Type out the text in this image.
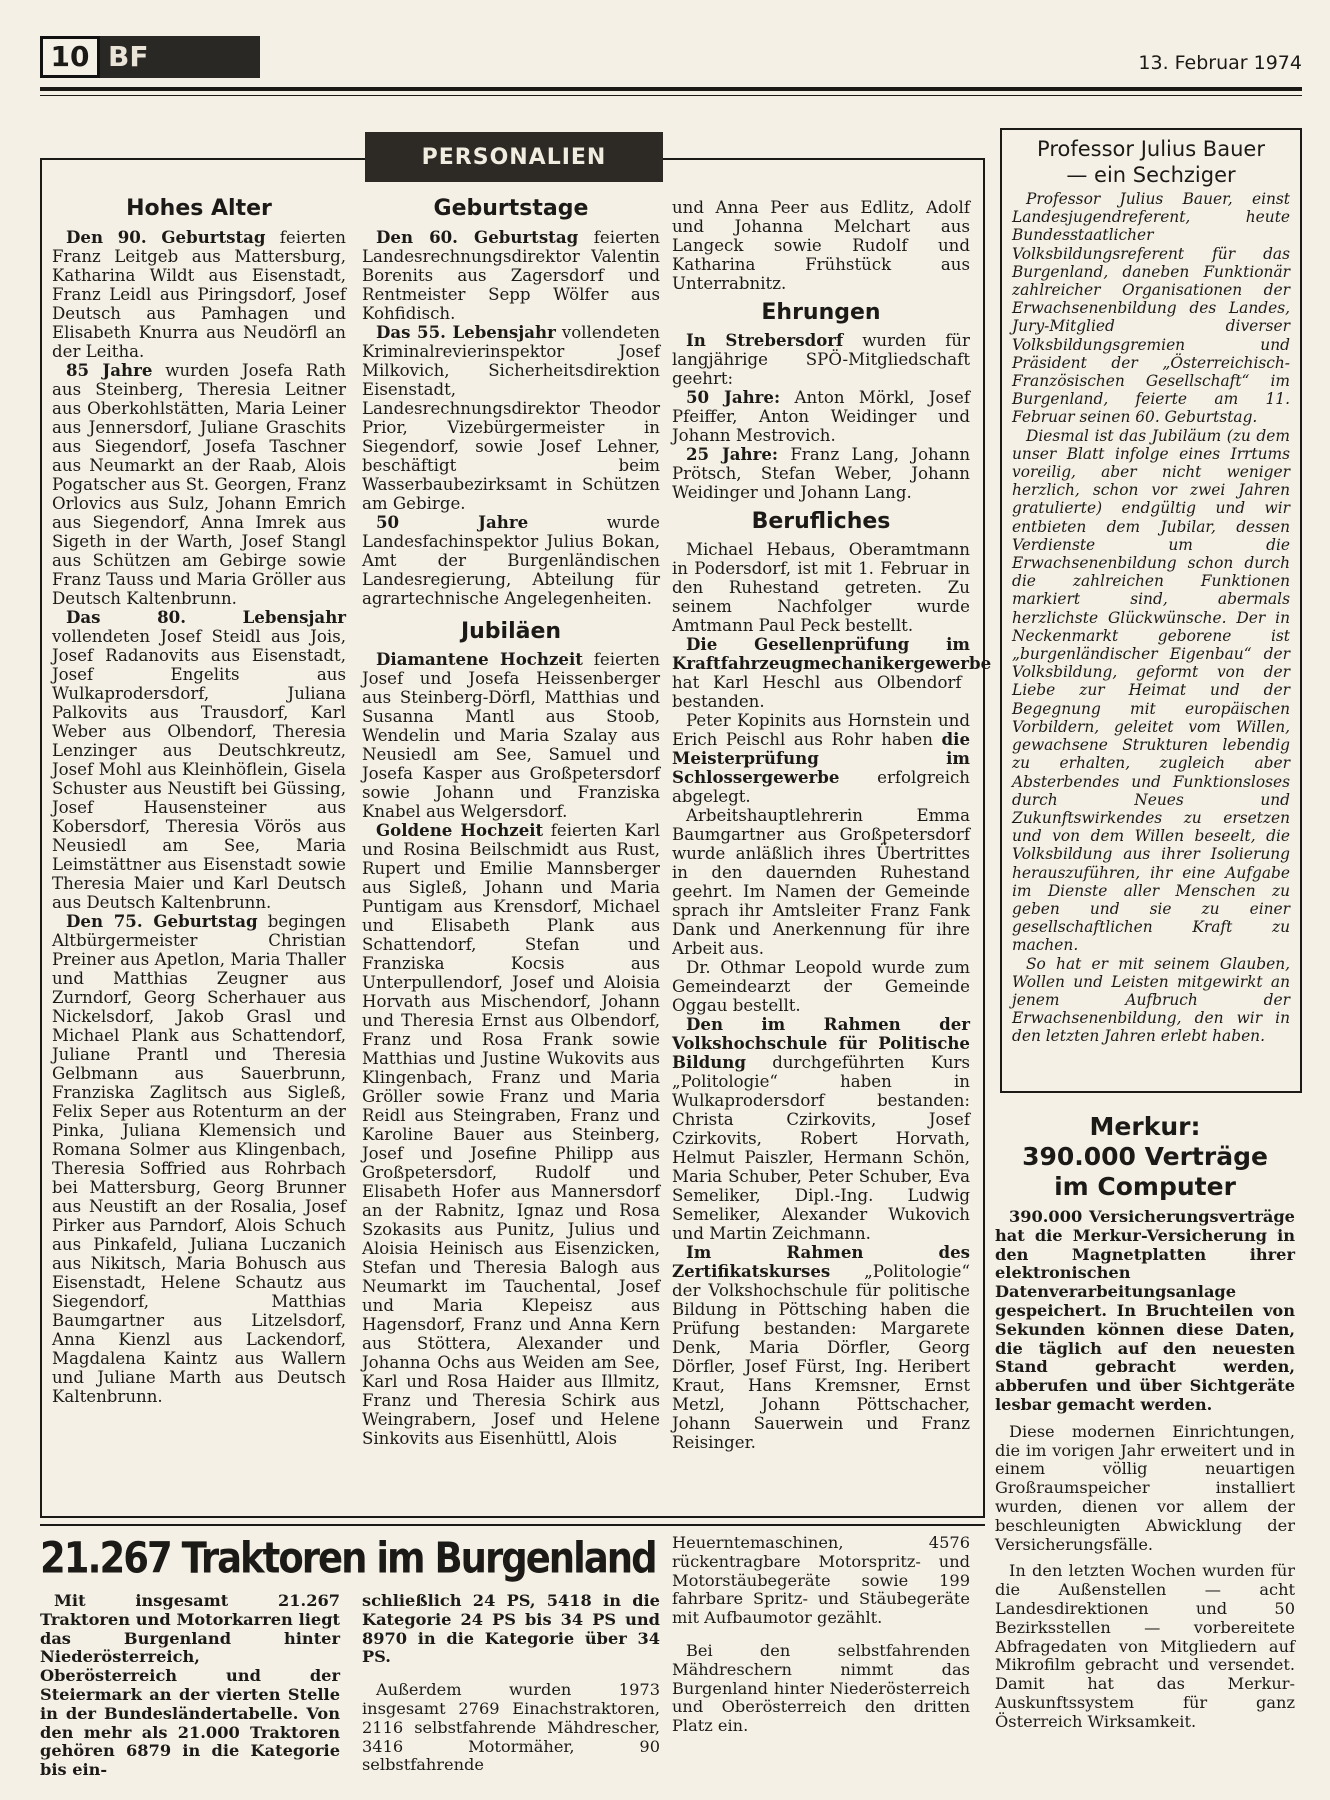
10 BF	13. Februar 1974
PERSONALIEN
Hohes Alter

Den 90. Geburtstag feierten Franz Leitgeb aus Mattersburg, Katharina Wildt aus Eisenstadt, Franz Leidl aus Piringsdorf, Josef Deutsch aus Pamhagen und Elisabeth Knurra aus Neudörfl an der Leitha.

85 Jahre wurden Josefa Rath aus Steinberg, Theresia Leitner aus Oberkohlstätten, Maria Leiner aus Jennersdorf, Juliane Graschits aus Siegendorf, Josefa Taschner aus Neumarkt an der Raab, Alois Pogatscher aus St. Georgen, Franz Orlovics aus Sulz, Johann Emrich aus Siegendorf, Anna Imrek aus Sigeth in der Warth, Josef Stangl aus Schützen am Gebirge sowie Franz Tauss und Maria Gröller aus Deutsch Kaltenbrunn.

Das 80. Lebensjahr vollendeten Josef Steidl aus Jois, Josef Radanovits aus Eisenstadt, Josef Engelits aus Wulkaprodersdorf, Juliana Palkovits aus Trausdorf, Karl Weber aus Olbendorf, Theresia Lenzinger aus Deutschkreutz, Josef Mohl aus Kleinhöflein, Gisela Schuster aus Neustift bei Güssing, Josef Hausensteiner aus Kobersdorf, Theresia Vörös aus Neusiedl am See, Maria Leimstättner aus Eisenstadt sowie Theresia Maier und Karl Deutsch aus Deutsch Kaltenbrunn.

Den 75. Geburtstag begingen Altbürgermeister Christian Preiner aus Apetlon, Maria Thaller und Matthias Zeugner aus Zurndorf, Georg Scherhauer aus Nickelsdorf, Jakob Grasl und Michael Plank aus Schattendorf, Juliane Prantl und Theresia Gelbmann aus Sauerbrunn, Franziska Zaglitsch aus Sigleß, Felix Seper aus Rotenturm an der Pinka, Juliana Klemensich und Romana Solmer aus Klingenbach, Theresia Soffried aus Rohrbach bei Mattersburg, Georg Brunner aus Neustift an der Rosalia, Josef Pirker aus Parndorf, Alois Schuch aus Pinkafeld, Juliana Luczanich aus Nikitsch, Maria Bohusch aus Eisenstadt, Helene Schautz aus Siegendorf, Matthias Baumgartner aus Litzelsdorf, Anna Kienzl aus Lackendorf, Magdalena Kaintz aus Wallern und Juliane Marth aus Deutsch Kaltenbrunn.

Geburtstage

Den 60. Geburtstag feierten Landesrechnungsdirektor Valentin Borenits aus Zagersdorf und Rentmeister Sepp Wölfer aus Kohfidisch.

Das 55. Lebensjahr vollendeten Kriminalrevierinspektor Josef Milkovich, Sicherheitsdirektion Eisenstadt, Landesrechnungsdirektor Theodor Prior, Vizebürgermeister in Siegendorf, sowie Josef Lehner, beschäftigt beim Wasserbaubezirksamt in Schützen am Gebirge.

50 Jahre wurde Landesfachinspektor Julius Bokan, Amt der Burgenländischen Landesregierung, Abteilung für agrartechnische Angelegenheiten.

Jubiläen

Diamantene Hochzeit feierten Josef und Josefa Heissenberger aus Steinberg-Dörfl, Matthias und Susanna Mantl aus Stoob, Wendelin und Maria Szalay aus Neusiedl am See, Samuel und Josefa Kasper aus Großpetersdorf sowie Johann und Franziska Knabel aus Welgersdorf.

Goldene Hochzeit feierten Karl und Rosina Beilschmidt aus Rust, Rupert und Emilie Mannsberger aus Sigleß, Johann und Maria Puntigam aus Krensdorf, Michael und Elisabeth Plank aus Schattendorf, Stefan und Franziska Kocsis aus Unterpullendorf, Josef und Aloisia Horvath aus Mischendorf, Johann und Theresia Ernst aus Olbendorf, Franz und Rosa Frank sowie Matthias und Justine Wukovits aus Klingenbach, Franz und Maria Gröller sowie Franz und Maria Reidl aus Steingraben, Franz und Karoline Bauer aus Steinberg, Josef und Josefine Philipp aus Großpetersdorf, Rudolf und Elisabeth Hofer aus Mannersdorf an der Rabnitz, Ignaz und Rosa Szokasits aus Punitz, Julius und Aloisia Heinisch aus Eisenzicken, Stefan und Theresia Balogh aus Neumarkt im Tauchental, Josef und Maria Klepeisz aus Hagensdorf, Franz und Anna Kern aus Stöttera, Alexander und Johanna Ochs aus Weiden am See, Karl und Rosa Haider aus Illmitz, Franz und Theresia Schirk aus Weingrabern, Josef und Helene Sinkovits aus Eisenhüttl, Alois

und Anna Peer aus Edlitz, Adolf und Johanna Melchart aus Langeck sowie Rudolf und Katharina Frühstück aus Unterrabnitz.

Ehrungen

In Strebersdorf wurden für langjährige SPÖ-Mitgliedschaft geehrt:

50 Jahre: Anton Mörkl, Josef Pfeiffer, Anton Weidinger und Johann Mestrovich.

25 Jahre: Franz Lang, Johann Prötsch, Stefan Weber, Johann Weidinger und Johann Lang.

Berufliches

Michael Hebaus, Oberamtmann in Podersdorf, ist mit 1. Februar in den Ruhestand getreten. Zu seinem Nachfolger wurde Amtmann Paul Peck bestellt.

Die Gesellenprüfung im Kraftfahrzeugmechanikergewerbe hat Karl Heschl aus Olbendorf bestanden.

Peter Kopinits aus Hornstein und Erich Peischl aus Rohr haben die Meisterprüfung im Schlossergewerbe erfolgreich abgelegt.

Arbeitshauptlehrerin Emma Baumgartner aus Großpetersdorf wurde anläßlich ihres Übertrittes in den dauernden Ruhestand geehrt. Im Namen der Gemeinde sprach ihr Amtsleiter Franz Fank Dank und Anerkennung für ihre Arbeit aus.

Dr. Othmar Leopold wurde zum Gemeindearzt der Gemeinde Oggau bestellt.

Den im Rahmen der Volkshochschule für Politische Bildung durchgeführten Kurs „Politologie“ haben in Wulkaprodersdorf bestanden: Christa Czirkovits, Josef Czirkovits, Robert Horvath, Helmut Paiszler, Hermann Schön, Maria Schuber, Peter Schuber, Eva Semeliker, Dipl.-Ing. Ludwig Semeliker, Alexander Wukovich und Martin Zeichmann.

Im Rahmen des Zertifikatskurses „Politologie“ der Volkshochschule für politische Bildung in Pöttsching haben die Prüfung bestanden: Margarete Denk, Maria Dörfler, Georg Dörfler, Josef Fürst, Ing. Heribert Kraut, Hans Kremsner, Ernst Metzl, Johann Pöttschacher, Johann Sauerwein und Franz Reisinger.

Professor Julius Bauer
— ein Sechziger

Professor Julius Bauer, einst Landesjugendreferent, heute Bundesstaatlicher Volksbildungsreferent für das Burgenland, daneben Funktionär zahlreicher Organisationen der Erwachsenenbildung des Landes, Jury-Mitglied diverser Volksbildungsgremien und Präsident der „Österreichisch-Französischen Gesellschaft“ im Burgenland, feierte am 11. Februar seinen 60. Geburtstag.

Diesmal ist das Jubiläum (zu dem unser Blatt infolge eines Irrtums voreilig, aber nicht weniger herzlich, schon vor zwei Jahren gratulierte) endgültig und wir entbieten dem Jubilar, dessen Verdienste um die Erwachsenenbildung schon durch die zahlreichen Funktionen markiert sind, abermals herzlichste Glückwünsche. Der in Neckenmarkt geborene ist „burgenländischer Eigenbau“ der Volksbildung, geformt von der Liebe zur Heimat und der Begegnung mit europäischen Vorbildern, geleitet vom Willen, gewachsene Strukturen lebendig zu erhalten, zugleich aber Absterbendes und Funktionsloses durch Neues und Zukunftswirkendes zu ersetzen und von dem Willen beseelt, die Volksbildung aus ihrer Isolierung herauszuführen, ihr eine Aufgabe im Dienste aller Menschen zu geben und sie zu einer gesellschaftlichen Kraft zu machen.

So hat er mit seinem Glauben, Wollen und Leisten mitgewirkt an jenem Aufbruch der Erwachsenenbildung, den wir in den letzten Jahren erlebt haben.

Merkur:
390.000 Verträge
im Computer

390.000 Versicherungsverträge hat die Merkur-Versicherung in den Magnetplatten ihrer elektronischen Datenverarbeitungsanlage gespeichert. In Bruchteilen von Sekunden können diese Daten, die täglich auf den neuesten Stand gebracht werden, abberufen und über Sichtgeräte lesbar gemacht werden.

Diese modernen Einrichtungen, die im vorigen Jahr erweitert und in einem völlig neuartigen Großraumspeicher installiert wurden, dienen vor allem der beschleunigten Abwicklung der Versicherungsfälle.

In den letzten Wochen wurden für die Außenstellen — acht Landesdirektionen und 50 Bezirksstellen — vorbereitete Abfragedaten von Mitgliedern auf Mikrofilm gebracht und versendet. Damit hat das Merkur-Auskunftssystem für ganz Österreich Wirksamkeit.

21.267 Traktoren im Burgenland

Mit insgesamt 21.267 Traktoren und Motorkarren liegt das Burgenland hinter Niederösterreich, Oberösterreich und der Steiermark an der vierten Stelle in der Bundesländertabelle. Von den mehr als 21.000 Traktoren gehören 6879 in die Kategorie bis ein-

schließlich 24 PS, 5418 in die Kategorie 24 PS bis 34 PS und 8970 in die Kategorie über 34 PS.

Außerdem wurden 1973 insgesamt 2769 Einachstraktoren, 2116 selbstfahrende Mähdrescher, 3416 Motormäher, 90 selbstfahrende

Heuerntemaschinen, 4576 rückentragbare Motorspritz- und Motorstäubegeräte sowie 199 fahrbare Spritz- und Stäubegeräte mit Aufbaumotor gezählt.

Bei den selbstfahrenden Mähdreschern nimmt das Burgenland hinter Niederösterreich und Oberösterreich den dritten Platz ein.
